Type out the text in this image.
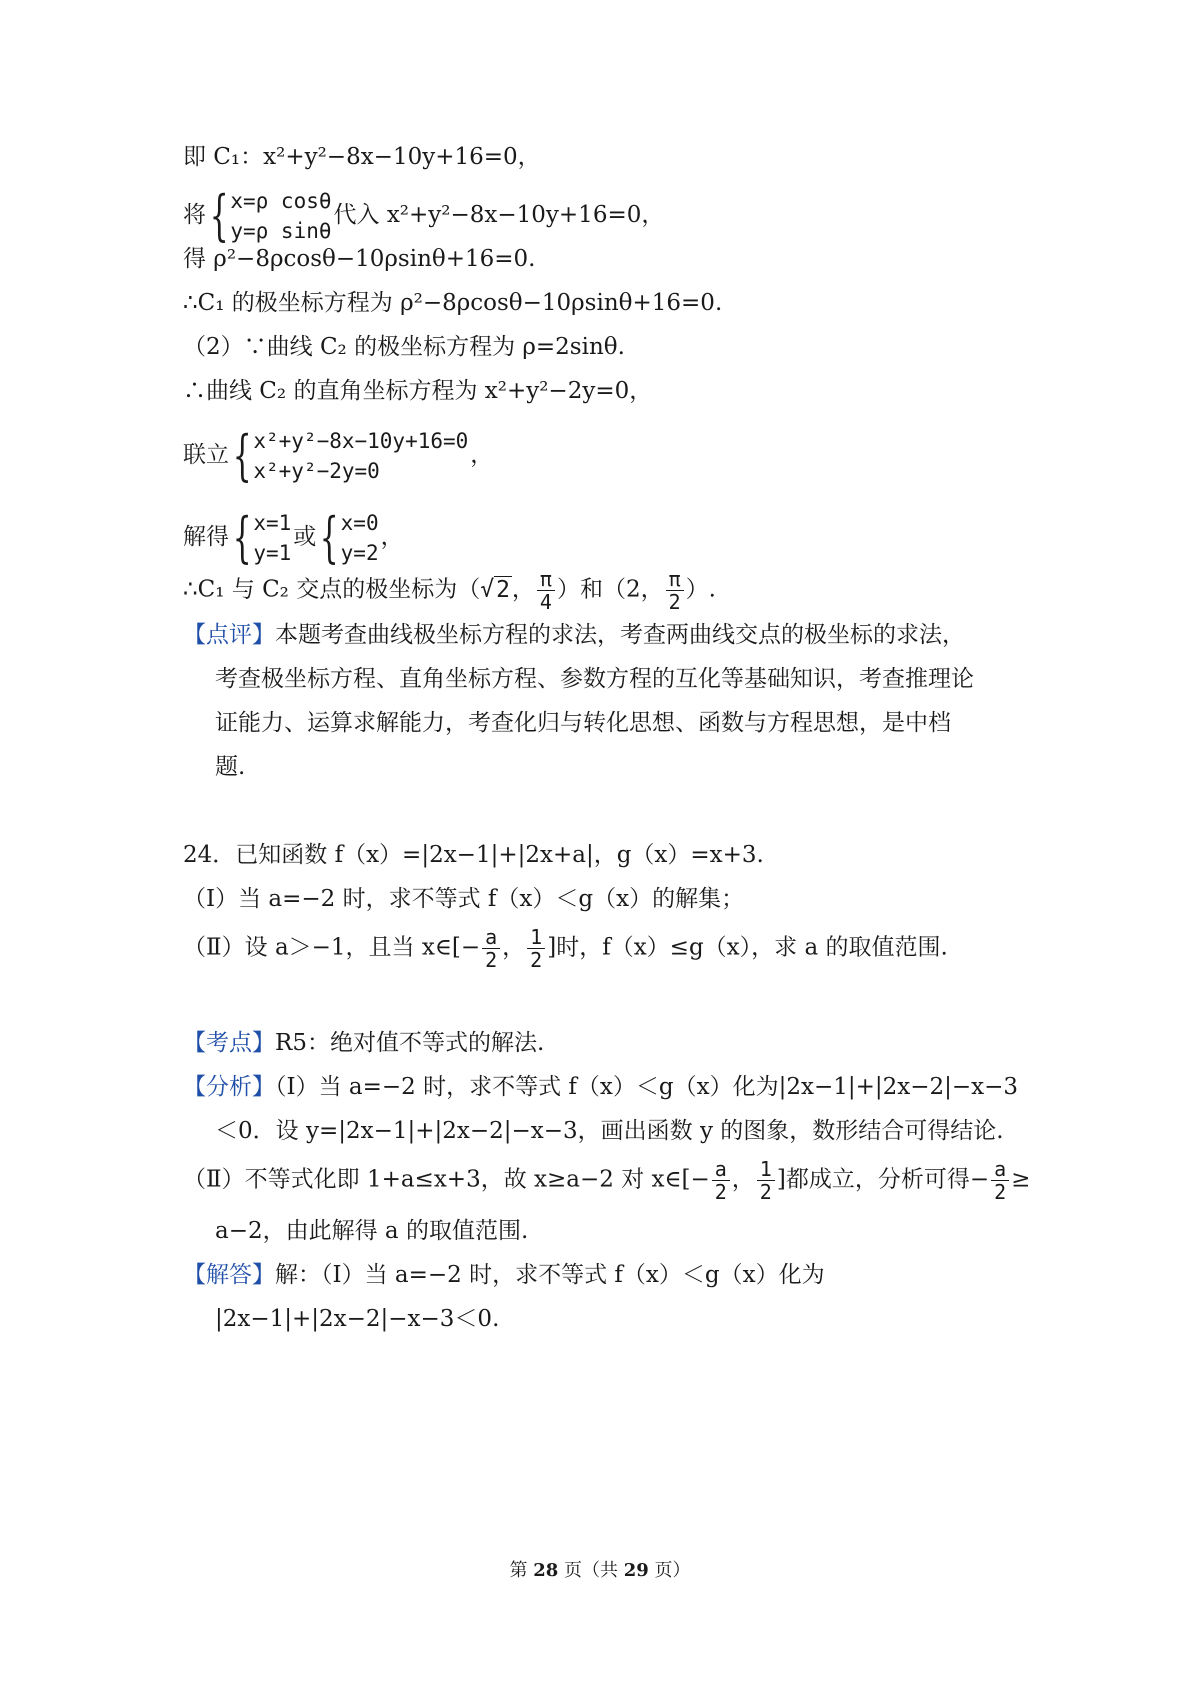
即 C₁：x²+y²−8x−10y+16=0，
将 { x=ρ cosθ
y=ρ sinθ
代入 x²+y²−8x−10y+16=0，
得 ρ²−8ρcosθ−10ρsinθ+16=0.
∴C₁ 的极坐标方程为 ρ²−8ρcosθ−10ρsinθ+16=0.
（2）∵曲线 C₂ 的极坐标方程为 ρ=2sinθ.
∴曲线 C₂ 的直角坐标方程为 x²+y²−2y=0，
联立 { x²+y²−8x−10y+16=0
x²+y²−2y=0
，
解得 { x=1
y=1
或 { x=0
y=2
，
∴C₁ 与 C₂ 交点的极坐标为（√2， $\frac{\pi}{4}$ ）和（2， $\frac{\pi}{2}$ ）.
【点评】本题考查曲线极坐标方程的求法，考查两曲线交点的极坐标的求法，
考查极坐标方程、直角坐标方程、参数方程的互化等基础知识，考查推理论
证能力、运算求解能力，考查化归与转化思想、函数与方程思想，是中档
题.
24．已知函数 f（x）=|2x−1|+|2x+a|，g（x）=x+3.
（Ⅰ）当 a=−2 时，求不等式 f（x）＜g（x）的解集；
（Ⅱ）设 a＞−1，且当 x∈[− $\frac{a}{2}$ ， $\frac{1}{2}$ ]时，f（x）≤g（x），求 a 的取值范围.
【考点】R5：绝对值不等式的解法.
【分析】（Ⅰ）当 a=−2 时，求不等式 f（x）＜g（x）化为|2x−1|+|2x−2|−x−3
＜0．设 y=|2x−1|+|2x−2|−x−3，画出函数 y 的图象，数形结合可得结论.
（Ⅱ）不等式化即 1+a≤x+3，故 x≥a−2 对 x∈[− $\frac{a}{2}$ ， $\frac{1}{2}$ ]都成立，分析可得− $\frac{a}{2}$ ≥
a−2，由此解得 a 的取值范围.
【解答】解：（Ⅰ）当 a=−2 时，求不等式 f（x）＜g（x）化为
|2x−1|+|2x−2|−x−3＜0.
第 28 页（共 29 页）
